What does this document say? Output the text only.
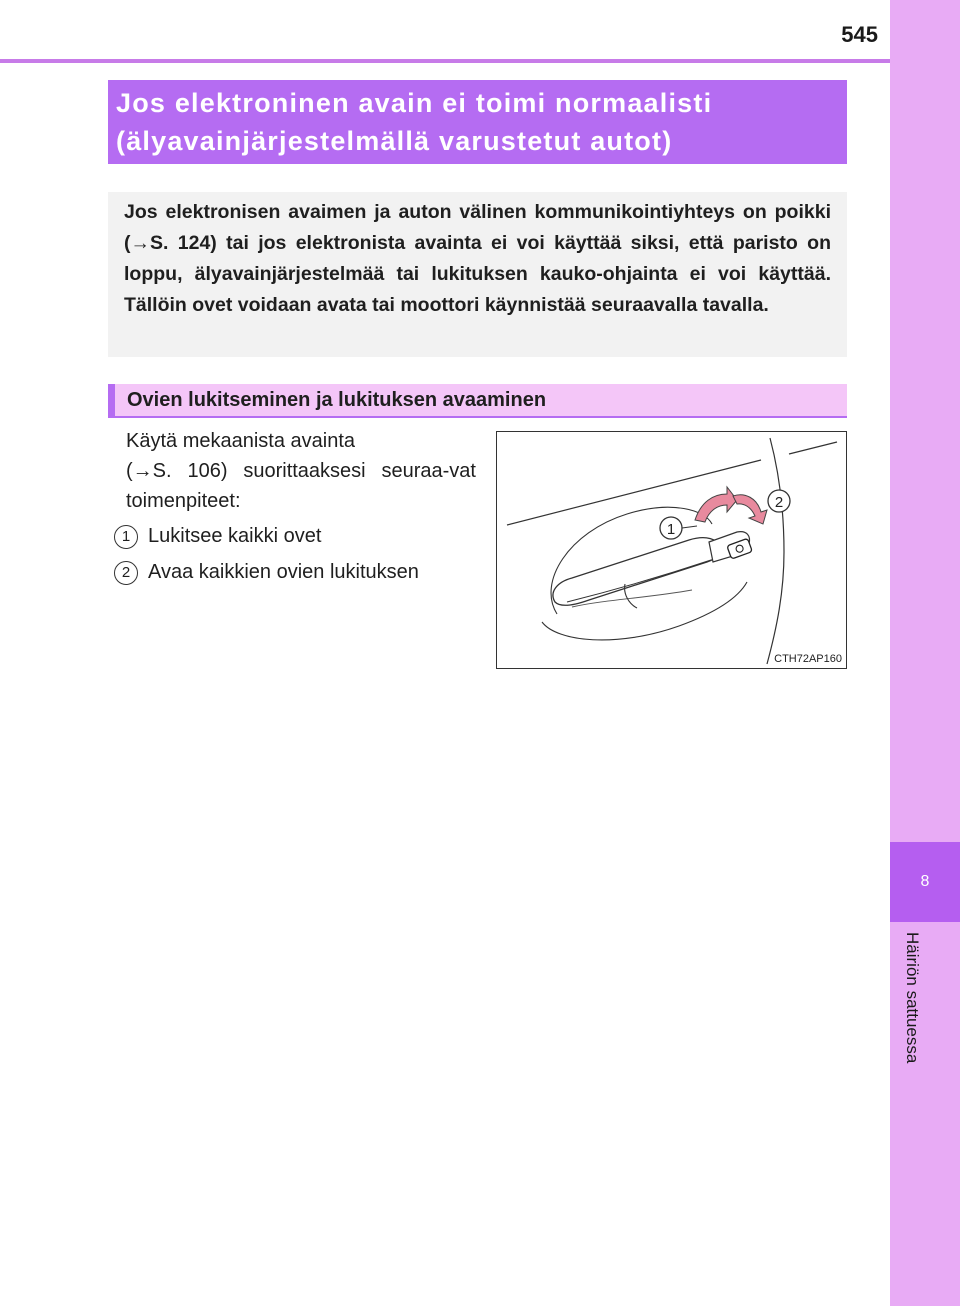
545
8
Häiriön sattuessa
Jos elektroninen avain ei toimi normaalisti
(älyavainjärjestelmällä varustetut autot)
Jos elektronisen avaimen ja auton välinen kommunikointiyhteys on poikki (→S. 124) tai jos elektronista avainta ei voi käyttää siksi, että paristo on loppu, älyavainjärjestelmää tai lukituksen kauko-ohjainta ei voi käyttää. Tällöin ovet voidaan avata tai moottori käynnistää seuraavalla tavalla.
Ovien lukitseminen ja lukituksen avaaminen
Käytä mekaanista avainta
(→S. 106) suorittaaksesi seuraa-vat toimenpiteet:
1 Lukitsee kaikki ovet
2 Avaa kaikkien ovien lukituksen
1
2
CTH72AP160
